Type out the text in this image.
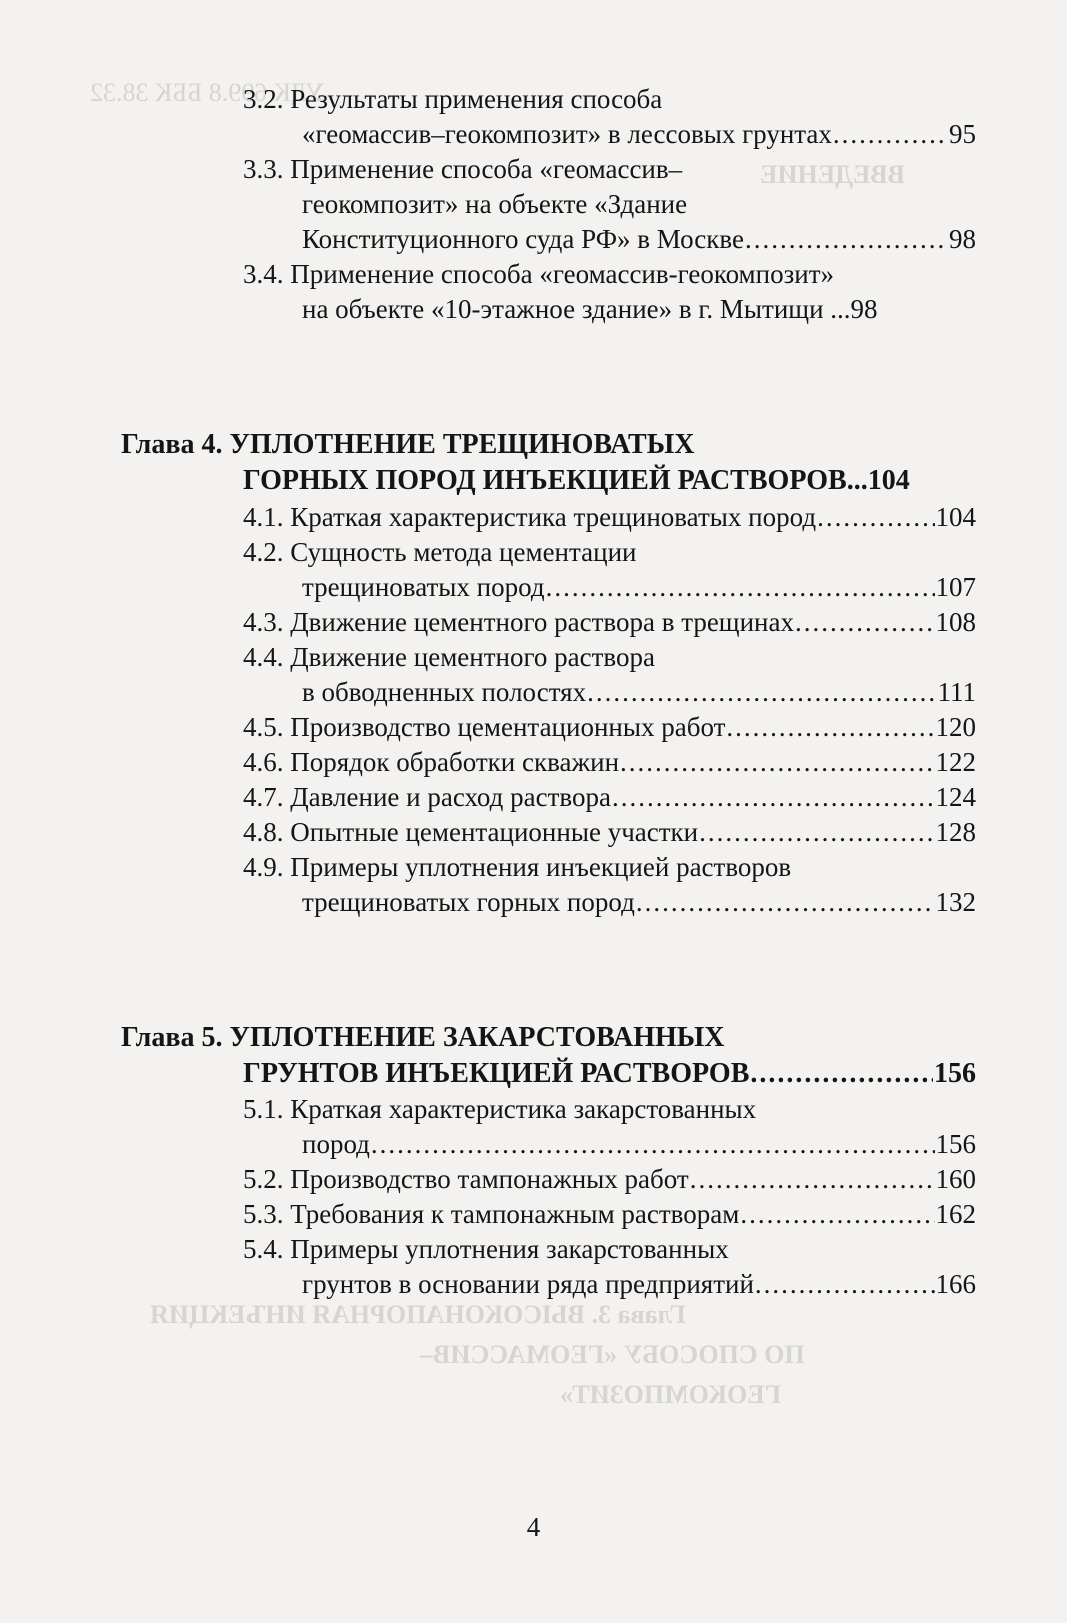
УДК 699.8 ББК 38.32
ВВЕДЕНИЕ
Глава 3. ВЫСОКОНАПОРНАЯ ИНЪЕКЦИЯ
ПО СПОСОБУ «ГЕОМАССИВ–
ГЕОКОМПОЗИТ»
3.2. Результаты применения способа
«геомассив–геокомпозит» в лессовых грунтах .....	95
3.3. Применение способа «геомассив–
геокомпозит» на объекте «Здание
Конституционного суда РФ» в Москве .....	98
3.4. Применение способа «геомассив-геокомпозит»
на объекте «10-этажное здание» в г. Мытищи ...98
Глава 4. УПЛОТНЕНИЕ ТРЕЩИНОВАТЫХ
ГОРНЫХ ПОРОД ИНЪЕКЦИЕЙ РАСТВОРОВ ...104
4.1. Краткая характеристика трещиноватых пород .....	104
4.2. Сущность метода цементации
трещиноватых пород .....	107
4.3. Движение цементного раствора в трещинах .....	108
4.4. Движение цементного раствора
в обводненных полостях .....	111
4.5. Производство цементационных работ .....	120
4.6. Порядок обработки скважин .....	122
4.7. Давление и расход раствора .....	124
4.8. Опытные цементационные участки .....	128
4.9. Примеры уплотнения инъекцией растворов
трещиноватых горных пород .....	132
Глава 5. УПЛОТНЕНИЕ ЗАКАРСТОВАННЫХ
ГРУНТОВ ИНЪЕКЦИЕЙ РАСТВОРОВ .....	156
5.1. Краткая характеристика закарстованных
пород .....	156
5.2. Производство тампонажных работ .....	160
5.3. Требования к тампонажным растворам .....	162
5.4. Примеры уплотнения закарстованных
грунтов в основании ряда предприятий .....	166
4
